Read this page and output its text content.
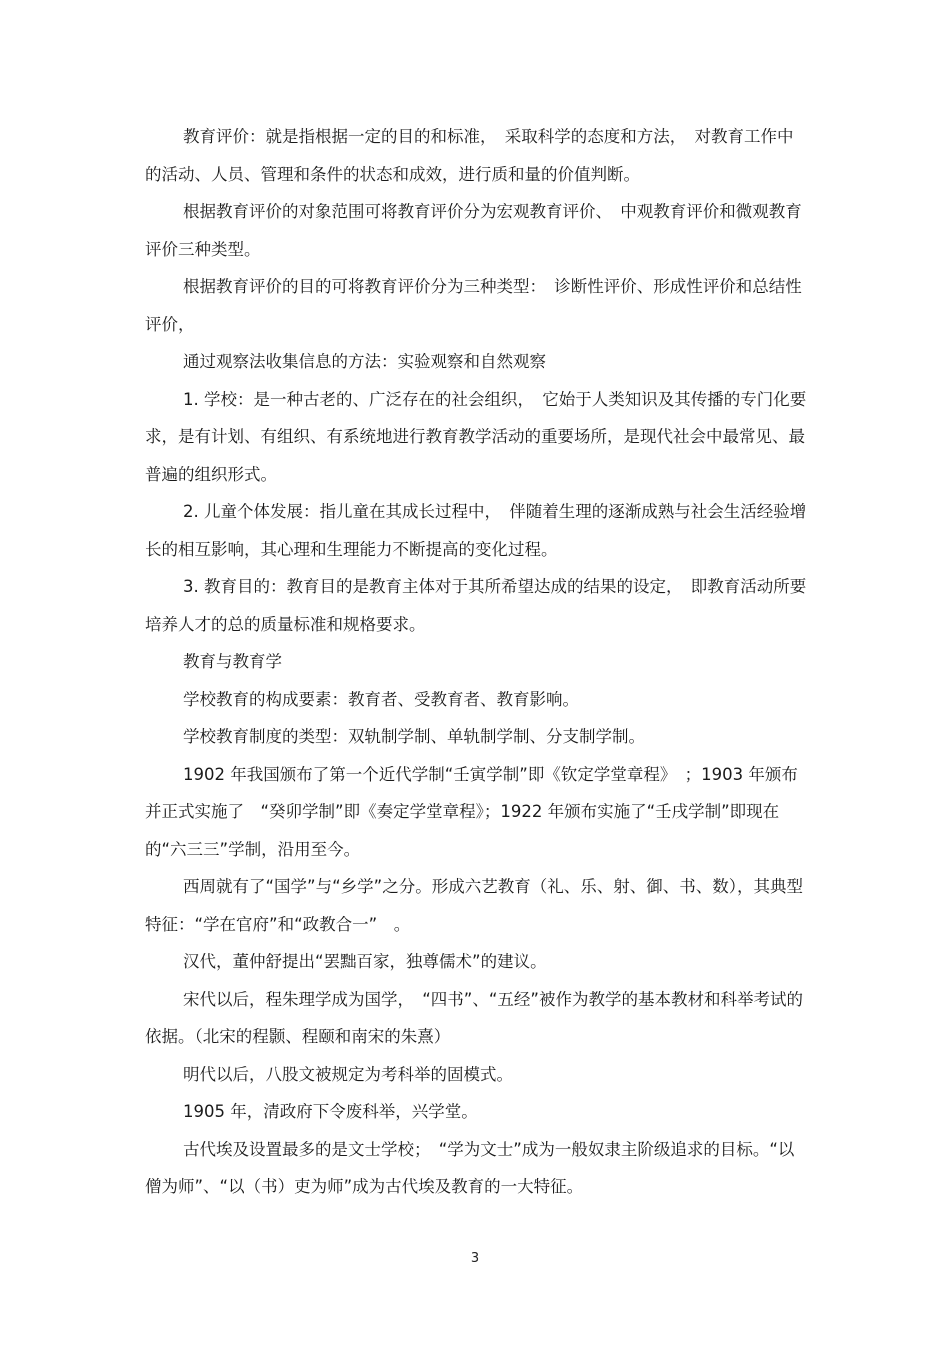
教育评价：就是指根据一定的目的和标准，　采取科学的态度和方法，　对教育工作中的活动、人员、管理和条件的状态和成效，进行质和量的价值判断。

根据教育评价的对象范围可将教育评价分为宏观教育评价、　中观教育评价和微观教育评价三种类型。

根据教育评价的目的可将教育评价分为三种类型：　诊断性评价、形成性评价和总结性评价，

通过观察法收集信息的方法：实验观察和自然观察

1. 学校：是一种古老的、广泛存在的社会组织，　它始于人类知识及其传播的专门化要求，是有计划、有组织、有系统地进行教育教学活动的重要场所，是现代社会中最常见、最普遍的组织形式。

2. 儿童个体发展：指儿童在其成长过程中，　伴随着生理的逐渐成熟与社会生活经验增长的相互影响，其心理和生理能力不断提高的变化过程。

3. 教育目的：教育目的是教育主体对于其所希望达成的结果的设定，　即教育活动所要培养人才的总的质量标准和规格要求。

教育与教育学

学校教育的构成要素：教育者、受教育者、教育影响。

学校教育制度的类型：双轨制学制、单轨制学制、分支制学制。

1902 年我国颁布了第一个近代学制“壬寅学制”即《钦定学堂章程》　；1903 年颁布并正式实施了　“癸卯学制”即《奏定学堂章程》；1922 年颁布实施了“壬戌学制”即现在的“六三三”学制，沿用至今。

西周就有了“国学”与“乡学”之分。形成六艺教育（礼、乐、射、御、书、数），其典型特征：“学在官府”和“政教合一”　。

汉代，董仲舒提出“罢黜百家，独尊儒术”的建议。

宋代以后，程朱理学成为国学，　“四书”、“五经”被作为教学的基本教材和科举考试的依据。（北宋的程颢、程颐和南宋的朱熹）

明代以后，八股文被规定为考科举的固模式。

1905 年，清政府下令废科举，兴学堂。

古代埃及设置最多的是文士学校；　“学为文士”成为一般奴隶主阶级追求的目标。“以僧为师”、“以（书）吏为师”成为古代埃及教育的一大特征。

3
